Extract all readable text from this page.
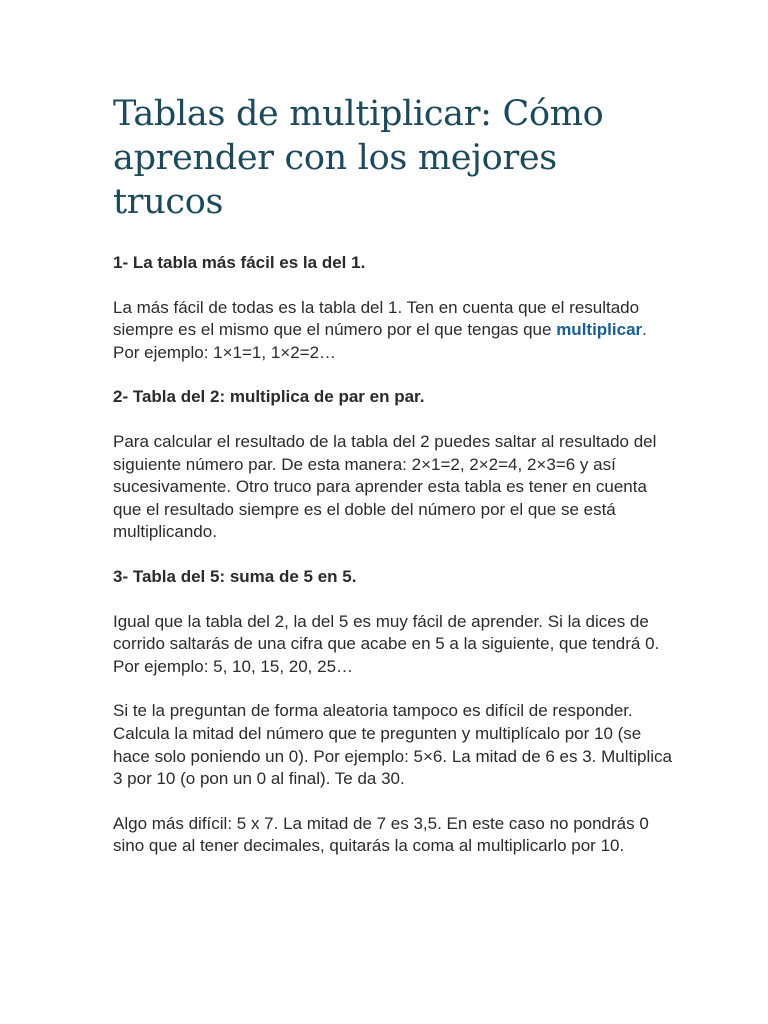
Tablas de multiplicar: Cómo aprender con los mejores trucos

1- La tabla más fácil es la del 1.

La más fácil de todas es la tabla del 1. Ten en cuenta que el resultado siempre es el mismo que el número por el que tengas que multiplicar. Por ejemplo: 1×1=1, 1×2=2…

2- Tabla del 2: multiplica de par en par.

Para calcular el resultado de la tabla del 2 puedes saltar al resultado del siguiente número par. De esta manera: 2×1=2, 2×2=4, 2×3=6 y así sucesivamente. Otro truco para aprender esta tabla es tener en cuenta que el resultado siempre es el doble del número por el que se está multiplicando.

3- Tabla del 5: suma de 5 en 5.

Igual que la tabla del 2, la del 5 es muy fácil de aprender. Si la dices de corrido saltarás de una cifra que acabe en 5 a la siguiente, que tendrá 0. Por ejemplo: 5, 10, 15, 20, 25…

Si te la preguntan de forma aleatoria tampoco es difícil de responder. Calcula la mitad del número que te pregunten y multiplícalo por 10 (se hace solo poniendo un 0). Por ejemplo: 5×6. La mitad de 6 es 3. Multiplica 3 por 10 (o pon un 0 al final). Te da 30.

Algo más difícil: 5 x 7. La mitad de 7 es 3,5. En este caso no pondrás 0 sino que al tener decimales, quitarás la coma al multiplicarlo por 10.
